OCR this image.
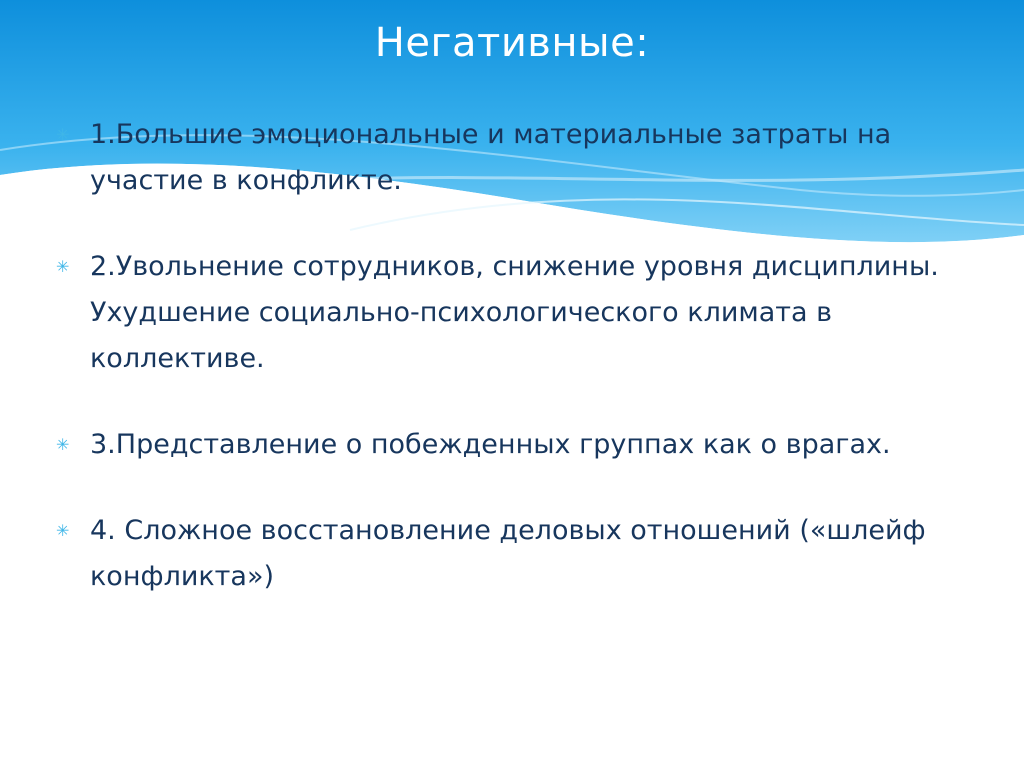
Негативные:
✳ 1.Большие эмоциональные и материальные затраты на
участие в конфликте.
✳ 2.Увольнение сотрудников, снижение уровня дисциплины.
Ухудшение социально-психологического климата в
коллективе.
✳ 3.Представление о побежденных группах как о врагах.
✳ 4. Сложное восстановление деловых отношений («шлейф
конфликта»)
